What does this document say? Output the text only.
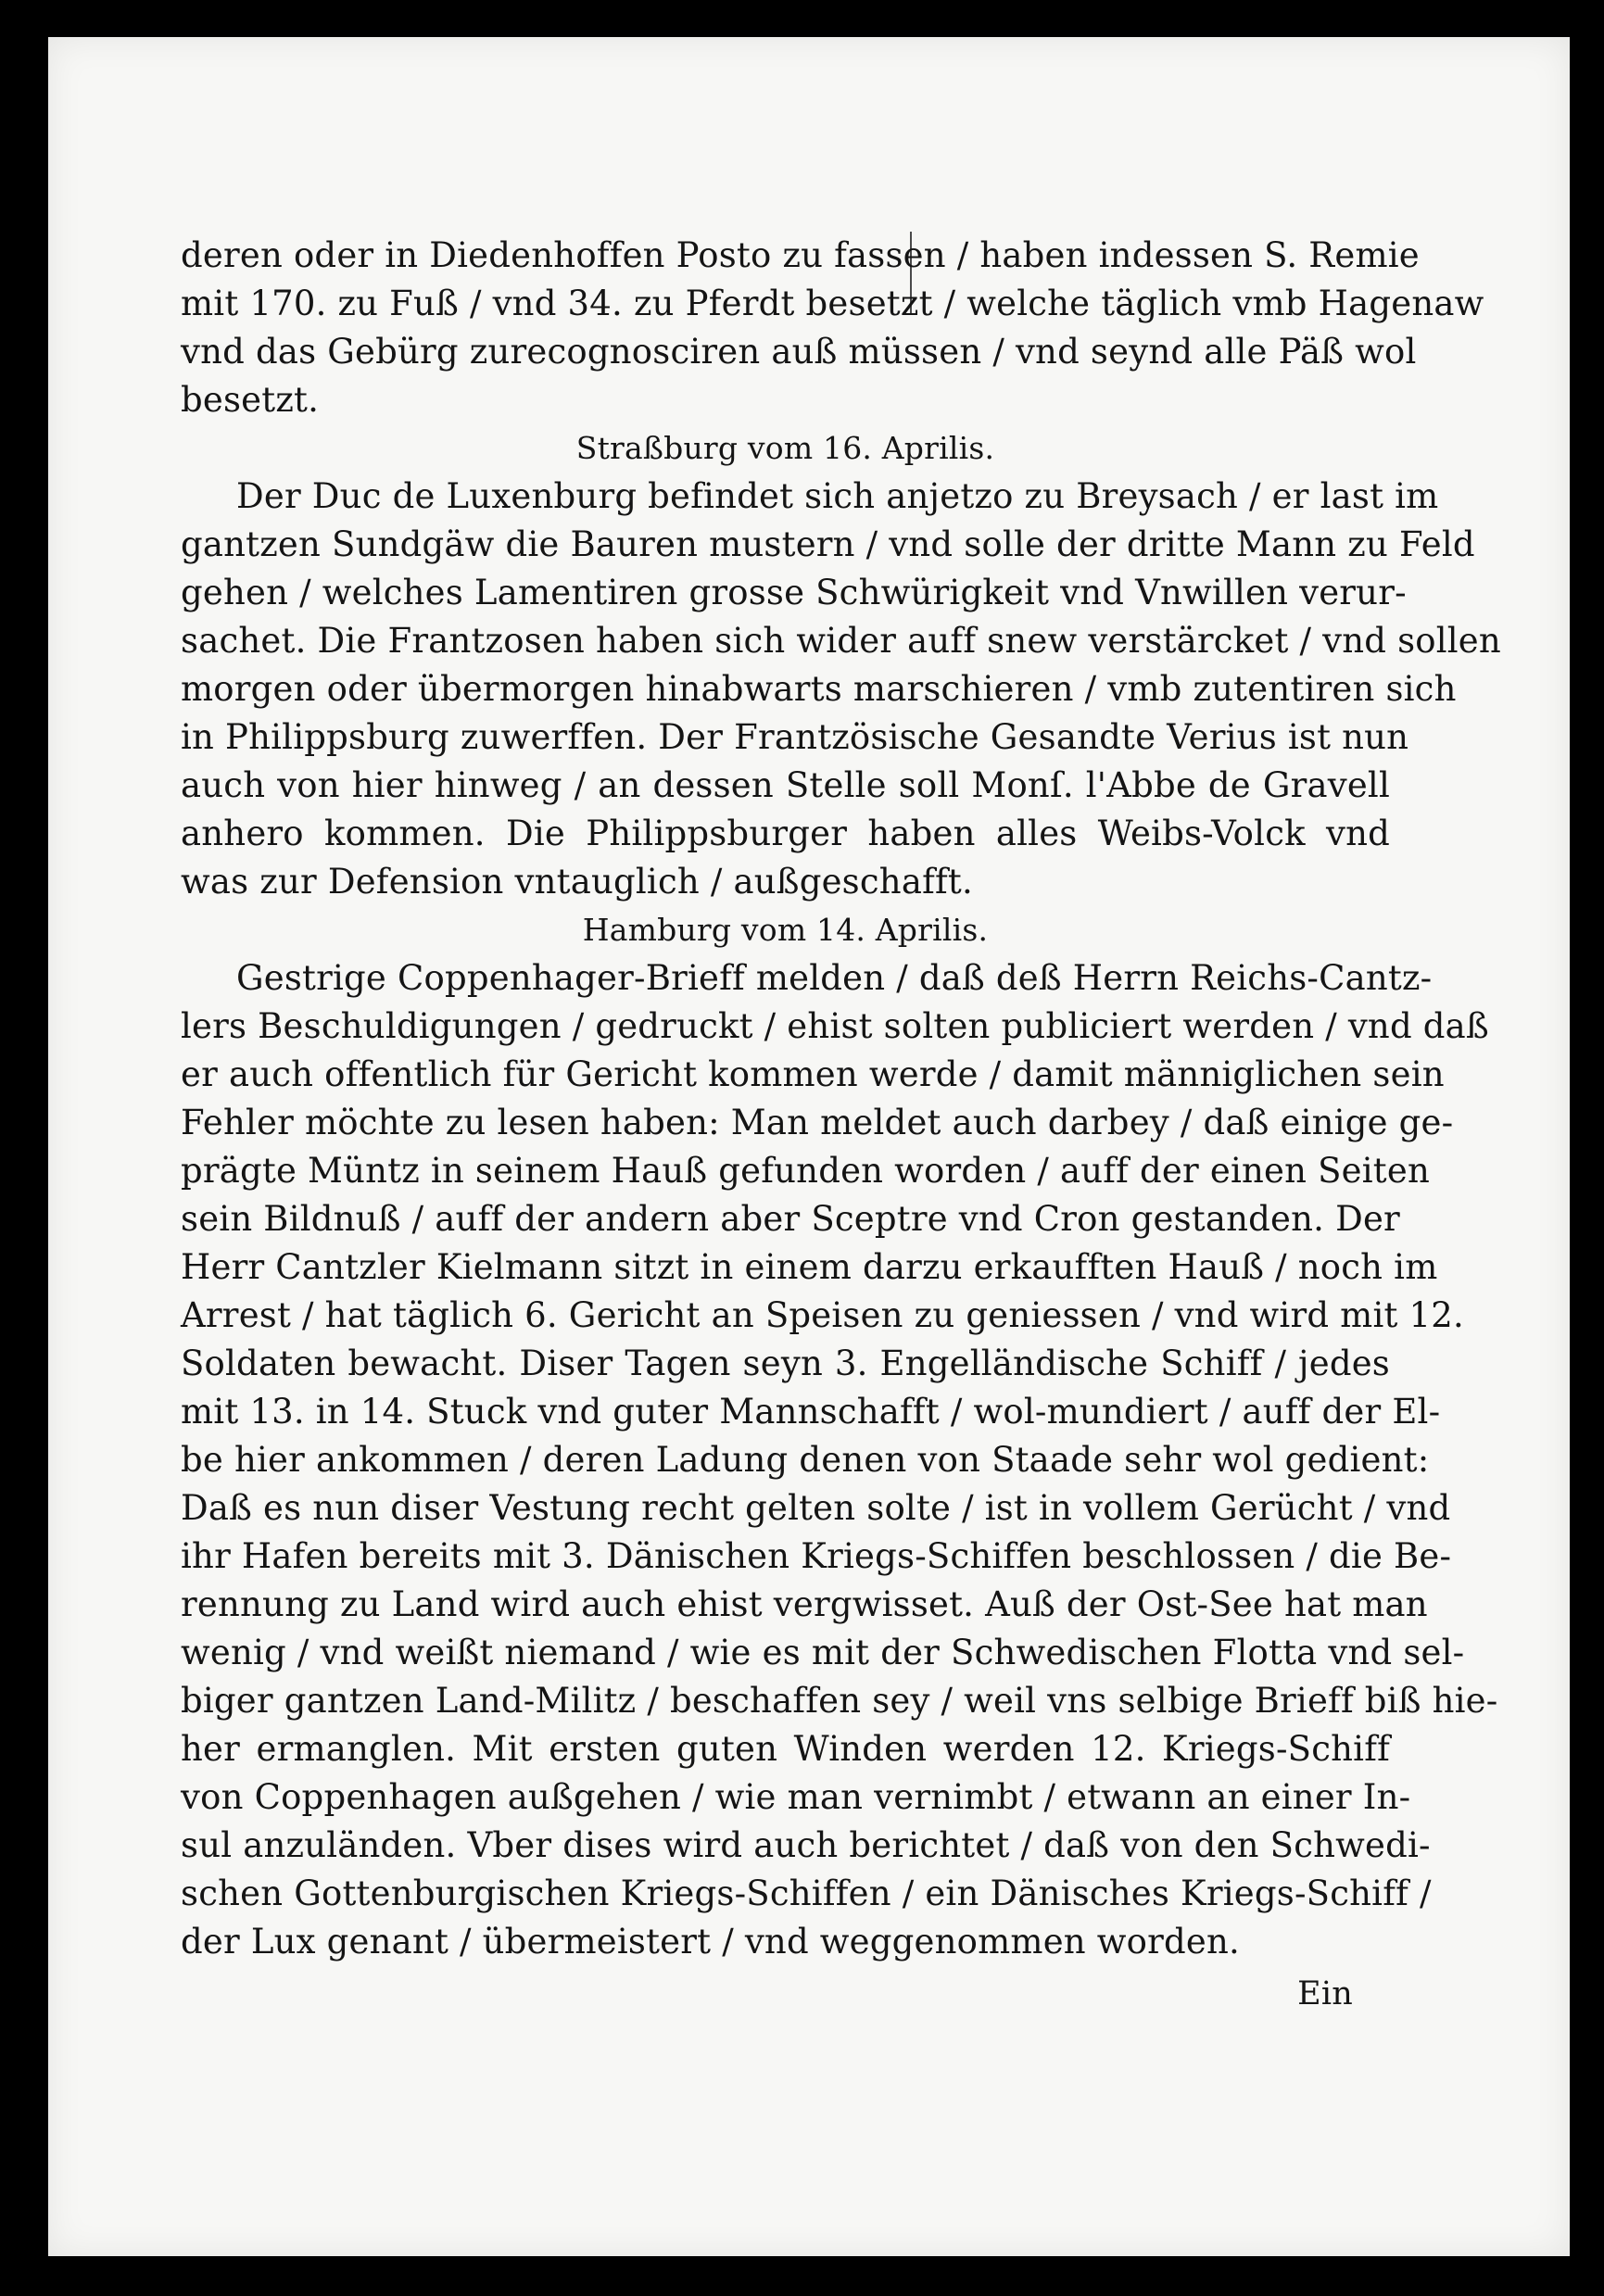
deren oder in Diedenhoffen Posto zu fassen / haben indessen S. Remie
mit 170. zu Fuß / vnd 34. zu Pferdt besetzt / welche täglich vmb Hagenaw
vnd das Gebürg zurecognosciren auß müssen / vnd seynd alle Päß wol
besetzt.
Straßburg vom 16. Aprilis.
Der Duc de Luxenburg befindet sich anjetzo zu Breysach / er last im
gantzen Sundgäw die Bauren mustern / vnd solle der dritte Mann zu Feld
gehen / welches Lamentiren grosse Schwürigkeit vnd Vnwillen verur-
sachet. Die Frantzosen haben sich wider auff snew verstärcket / vnd sollen
morgen oder übermorgen hinabwarts marschieren / vmb zutentiren sich
in Philippsburg zuwerffen. Der Frantzösische Gesandte Verius ist nun
auch von hier hinweg / an dessen Stelle soll Monſ. l'Abbe de Gravell
anhero kommen. Die Philippsburger haben alles Weibs-Volck vnd
was zur Defension vntauglich / außgeschafft.
Hamburg vom 14. Aprilis.
Gestrige Coppenhager-Brieff melden / daß deß Herrn Reichs-Cantz-
lers Beschuldigungen / gedruckt / ehist solten publiciert werden / vnd daß
er auch offentlich für Gericht kommen werde / damit männiglichen sein
Fehler möchte zu lesen haben: Man meldet auch darbey / daß einige ge-
prägte Müntz in seinem Hauß gefunden worden / auff der einen Seiten
sein Bildnuß / auff der andern aber Sceptre vnd Cron gestanden. Der
Herr Cantzler Kielmann sitzt in einem darzu erkaufften Hauß / noch im
Arrest / hat täglich 6. Gericht an Speisen zu geniessen / vnd wird mit 12.
Soldaten bewacht. Diser Tagen seyn 3. Engelländische Schiff / jedes
mit 13. in 14. Stuck vnd guter Mannschafft / wol-mundiert / auff der El-
be hier ankommen / deren Ladung denen von Staade sehr wol gedient:
Daß es nun diser Vestung recht gelten solte / ist in vollem Gerücht / vnd
ihr Hafen bereits mit 3. Dänischen Kriegs-Schiffen beschlossen / die Be-
rennung zu Land wird auch ehist vergwisset. Auß der Ost-See hat man
wenig / vnd weißt niemand / wie es mit der Schwedischen Flotta vnd sel-
biger gantzen Land-Militz / beschaffen sey / weil vns selbige Brieff biß hie-
her ermanglen. Mit ersten guten Winden werden 12. Kriegs-Schiff
von Coppenhagen außgehen / wie man vernimbt / etwann an einer In-
sul anzuländen. Vber dises wird auch berichtet / daß von den Schwedi-
schen Gottenburgischen Kriegs-Schiffen / ein Dänisches Kriegs-Schiff /
der Lux genant / übermeistert / vnd weggenommen worden.
Ein
